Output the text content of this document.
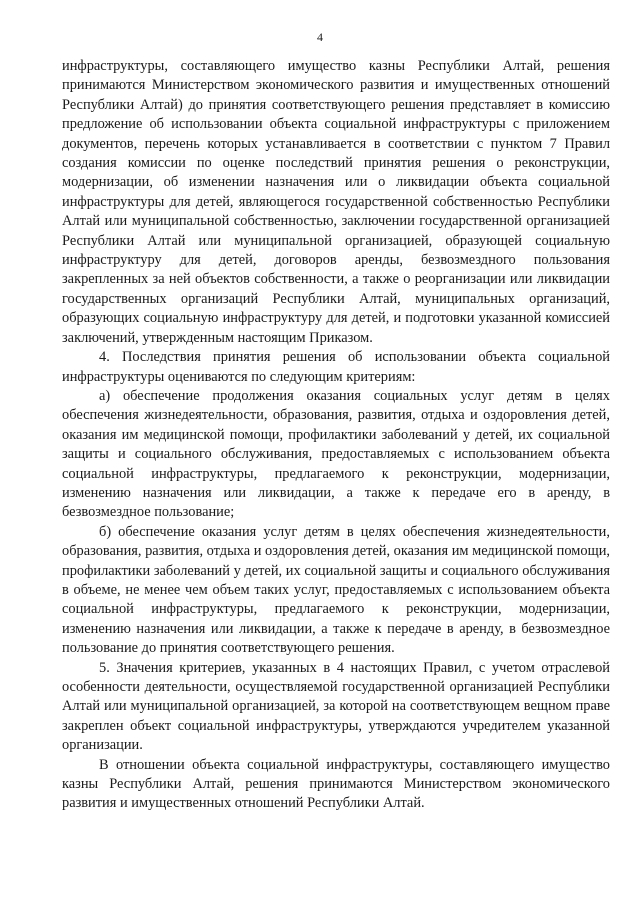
4

инфраструктуры, составляющего имущество казны Республики Алтай, решения принимаются Министерством экономического развития и имущественных отношений Республики Алтай) до принятия соответствующего решения представляет в комиссию предложение об использовании объекта социальной инфраструктуры с приложением документов, перечень которых устанавливается в соответствии с пунктом 7 Правил создания комиссии по оценке последствий принятия решения о реконструкции, модернизации, об изменении назначения или о ликвидации объекта социальной инфраструктуры для детей, являющегося государственной собственностью Республики Алтай или муниципальной собственностью, заключении государственной организацией Республики Алтай или муниципальной организацией, образующей социальную инфраструктуру для детей, договоров аренды, безвозмездного пользования закрепленных за ней объектов собственности, а также о реорганизации или ликвидации государственных организаций Республики Алтай, муниципальных организаций, образующих социальную инфраструктуру для детей, и подготовки указанной комиссией заключений, утвержденным настоящим Приказом.

4. Последствия принятия решения об использовании объекта социальной инфраструктуры оцениваются по следующим критериям:

а) обеспечение продолжения оказания социальных услуг детям в целях обеспечения жизнедеятельности, образования, развития, отдыха и оздоровления детей, оказания им медицинской помощи, профилактики заболеваний у детей, их социальной защиты и социального обслуживания, предоставляемых с использованием объекта социальной инфраструктуры, предлагаемого к реконструкции, модернизации, изменению назначения или ликвидации, а также к передаче его в аренду, в безвозмездное пользование;

б) обеспечение оказания услуг детям в целях обеспечения жизнедеятельности, образования, развития, отдыха и оздоровления детей, оказания им медицинской помощи, профилактики заболеваний у детей, их социальной защиты и социального обслуживания в объеме, не менее чем объем таких услуг, предоставляемых с использованием объекта социальной инфраструктуры, предлагаемого к реконструкции, модернизации, изменению назначения или ликвидации, а также к передаче в аренду, в безвозмездное пользование до принятия соответствующего решения.

5. Значения критериев, указанных в 4 настоящих Правил, с учетом отраслевой особенности деятельности, осуществляемой государственной организацией Республики Алтай или муниципальной организацией, за которой на соответствующем вещном праве закреплен объект социальной инфраструктуры, утверждаются учредителем указанной организации.

В отношении объекта социальной инфраструктуры, составляющего имущество казны Республики Алтай, решения принимаются Министерством экономического развития и имущественных отношений Республики Алтай.
